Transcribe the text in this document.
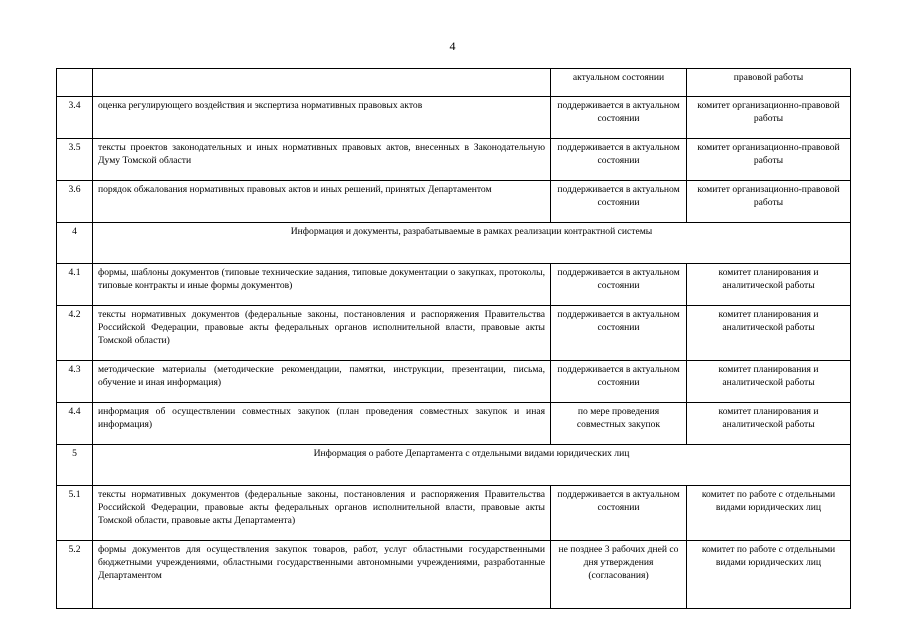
4
		актуальном состоянии	правовой работы
3.4	оценка регулирующего воздействия и экспертиза нормативных правовых актов	поддерживается в актуальном состоянии	комитет организационно-правовой работы
3.5	тексты проектов законодательных и иных нормативных правовых актов, внесенных в Законодательную Думу Томской области	поддерживается в актуальном состоянии	комитет организационно-правовой работы
3.6	порядок обжалования нормативных правовых актов и иных решений, принятых Департаментом	поддерживается в актуальном состоянии	комитет организационно-правовой работы
4	Информация и документы, разрабатываемые в рамках реализации контрактной системы		
4.1	формы, шаблоны документов (типовые технические задания, типовые документации о закупках, протоколы, типовые контракты и иные формы документов)	поддерживается в актуальном состоянии	комитет планирования и аналитической работы
4.2	тексты нормативных документов (федеральные законы, постановления и распоряжения Правительства Российской Федерации, правовые акты федеральных органов исполнительной власти, правовые акты Томской области)	поддерживается в актуальном состоянии	комитет планирования и аналитической работы
4.3	методические материалы (методические рекомендации, памятки, инструкции, презентации, письма, обучение и иная информация)	поддерживается в актуальном состоянии	комитет планирования и аналитической работы
4.4	информация об осуществлении совместных закупок (план проведения совместных закупок и иная информация)	по мере проведения совместных закупок	комитет планирования и аналитической работы
5	Информация о работе Департамента с отдельными видами юридических лиц		
5.1	тексты нормативных документов (федеральные законы, постановления и распоряжения Правительства Российской Федерации, правовые акты федеральных органов исполнительной власти, правовые акты Томской области, правовые акты Департамента)	поддерживается в актуальном состоянии	комитет по работе с отдельными видами юридических лиц
5.2	формы документов для осуществления закупок товаров, работ, услуг областными государственными бюджетными учреждениями, областными государственными автономными учреждениями, разработанные Департаментом	не позднее 3 рабочих дней со дня утверждения (согласования)	комитет по работе с отдельными видами юридических лиц
